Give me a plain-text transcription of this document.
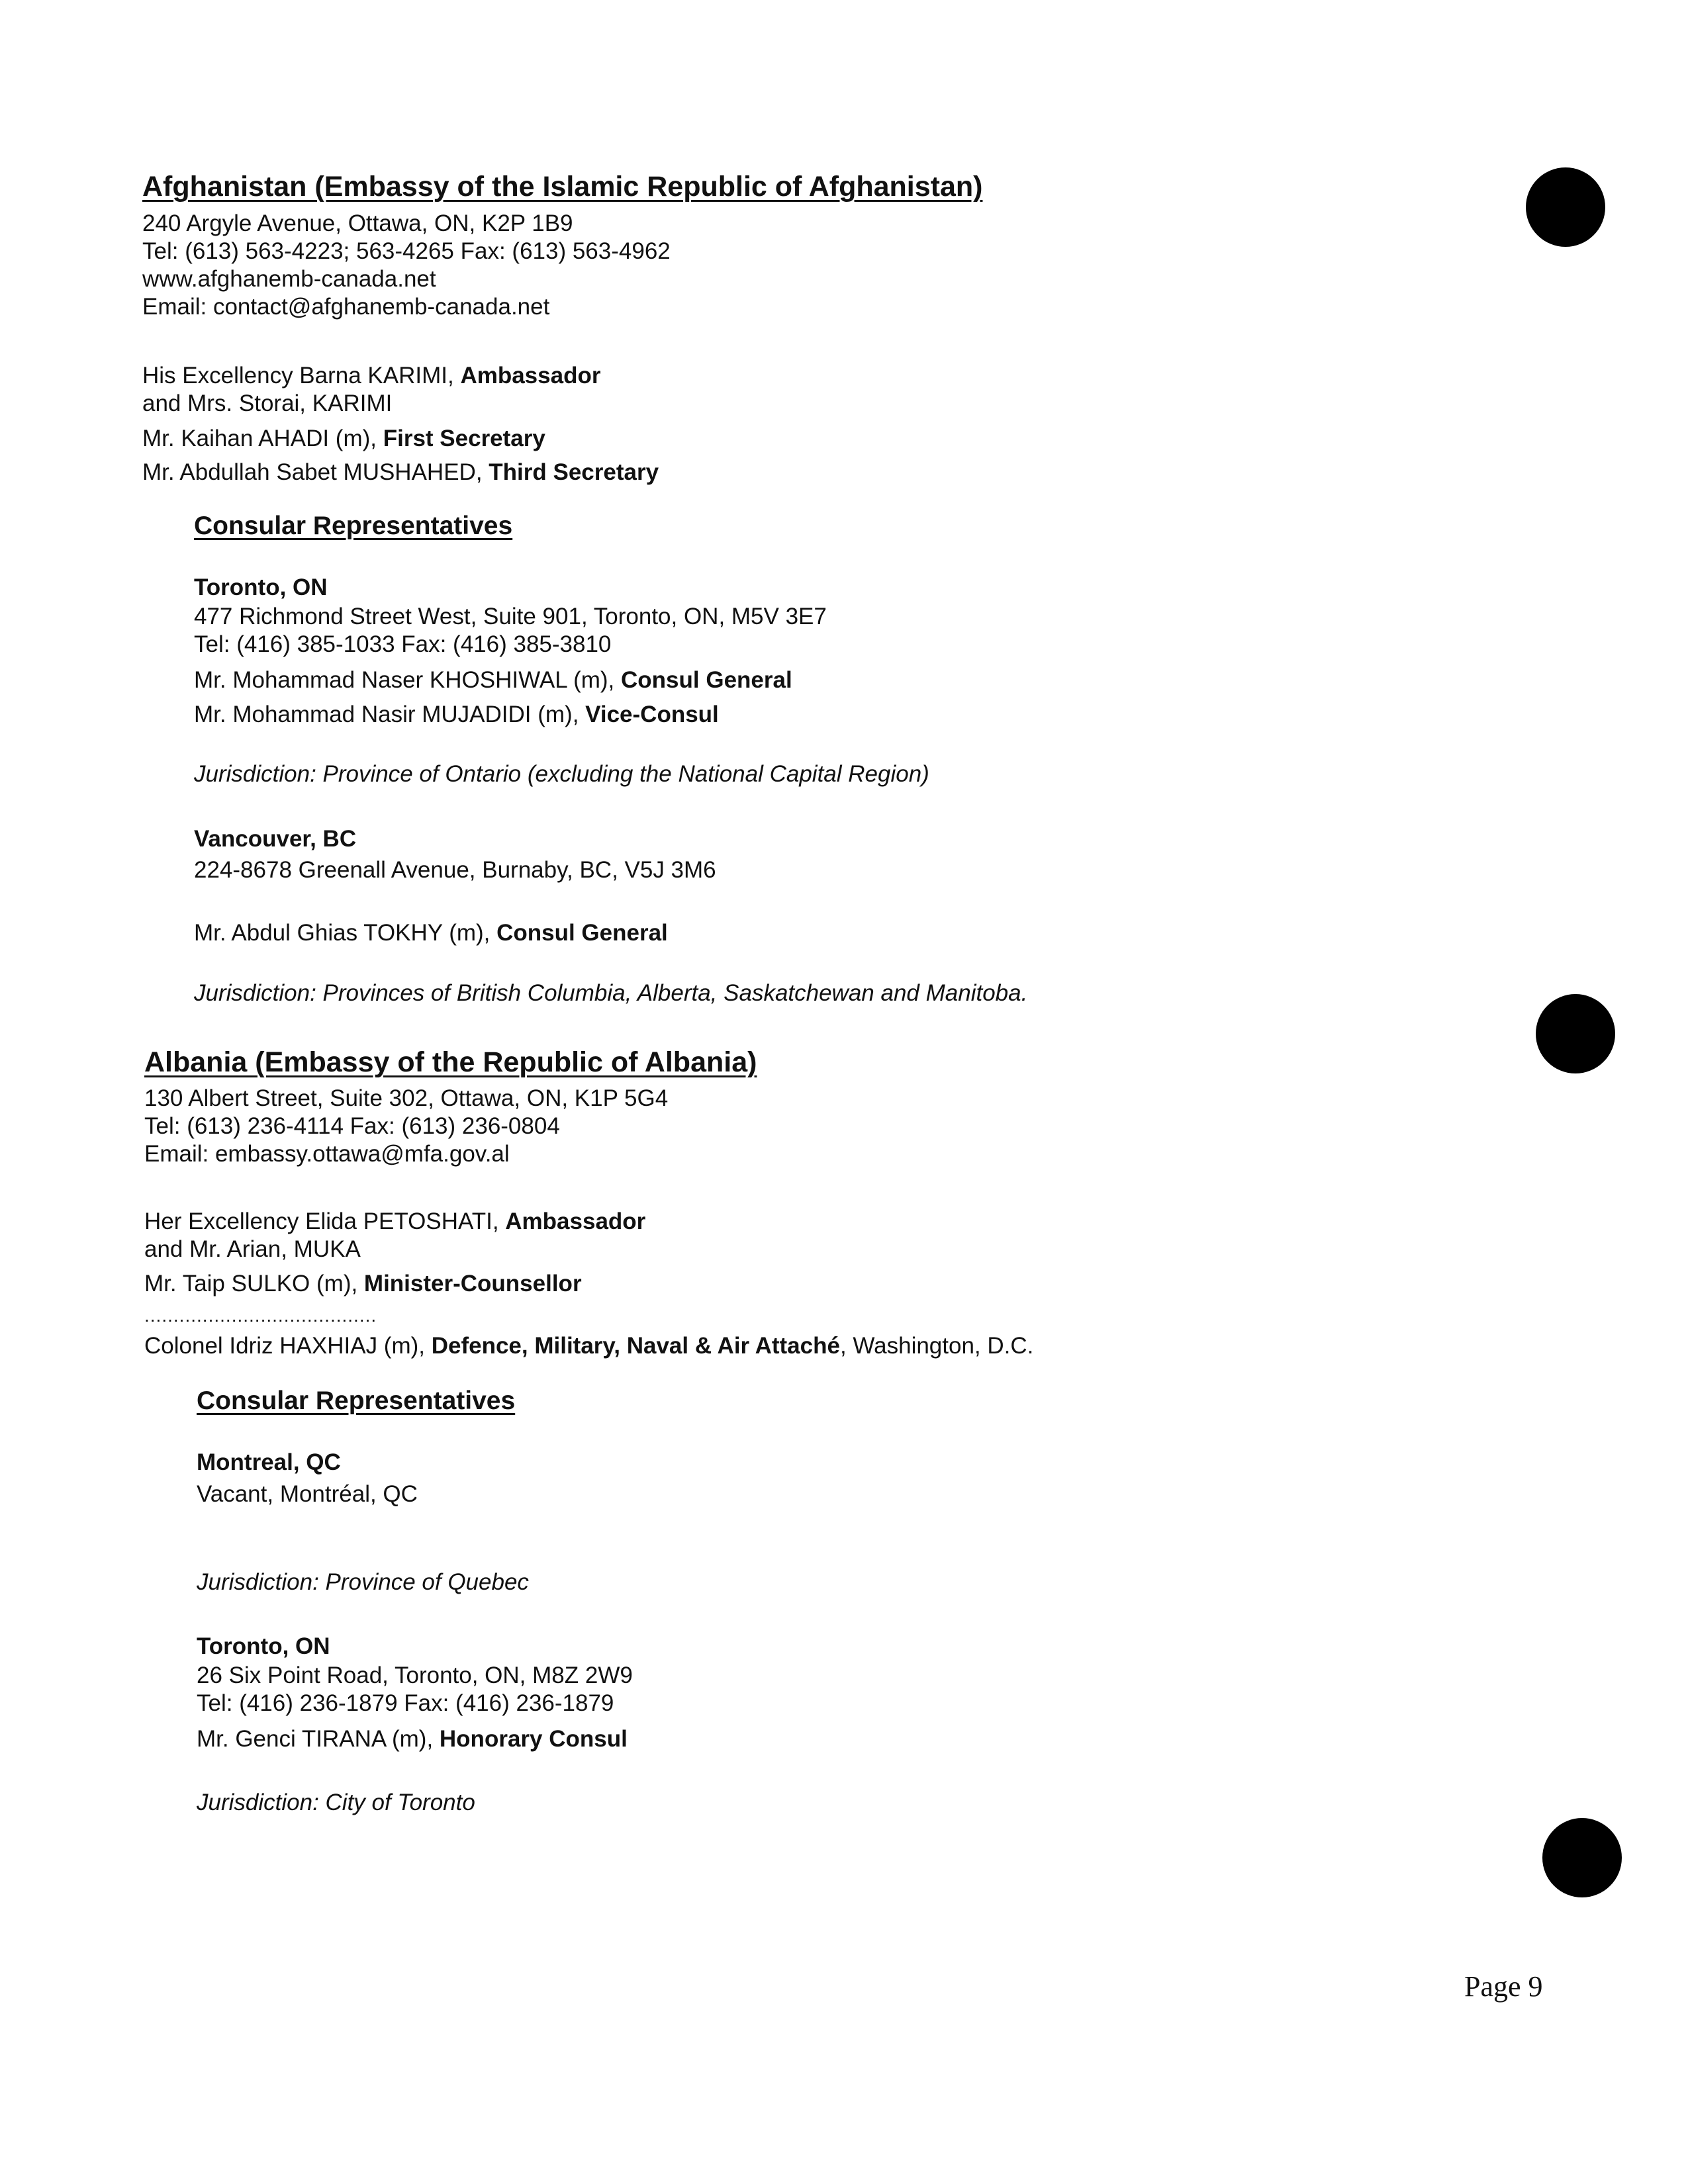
Afghanistan (Embassy of the Islamic Republic of Afghanistan)
240 Argyle Avenue, Ottawa, ON, K2P 1B9
Tel: (613) 563-4223; 563-4265 Fax: (613) 563-4962
www.afghanemb-canada.net
Email: contact@afghanemb-canada.net
His Excellency Barna KARIMI, Ambassador
and Mrs. Storai, KARIMI
Mr. Kaihan AHADI (m), First Secretary
Mr. Abdullah Sabet MUSHAHED, Third Secretary
Consular Representatives
Toronto, ON
477 Richmond Street West, Suite 901, Toronto, ON, M5V 3E7
Tel: (416) 385-1033 Fax: (416) 385-3810
Mr. Mohammad Naser KHOSHIWAL (m), Consul General
Mr. Mohammad Nasir MUJADIDI (m), Vice-Consul
Jurisdiction: Province of Ontario (excluding the National Capital Region)
Vancouver, BC
224-8678 Greenall Avenue, Burnaby, BC, V5J 3M6
Mr. Abdul Ghias TOKHY (m), Consul General
Jurisdiction: Provinces of British Columbia, Alberta, Saskatchewan and Manitoba.
Albania (Embassy of the Republic of Albania)
130 Albert Street, Suite 302, Ottawa, ON, K1P 5G4
Tel: (613) 236-4114 Fax: (613) 236-0804
Email: embassy.ottawa@mfa.gov.al
Her Excellency Elida PETOSHATI, Ambassador
and Mr. Arian, MUKA
Mr. Taip SULKO (m), Minister-Counsellor
........................................
Colonel Idriz HAXHIAJ (m), Defence, Military, Naval & Air Attaché, Washington, D.C.
Consular Representatives
Montreal, QC
Vacant, Montréal, QC
Jurisdiction: Province of Quebec
Toronto, ON
26 Six Point Road, Toronto, ON, M8Z 2W9
Tel: (416) 236-1879 Fax: (416) 236-1879
Mr. Genci TIRANA (m), Honorary Consul
Jurisdiction: City of Toronto
Page 9
